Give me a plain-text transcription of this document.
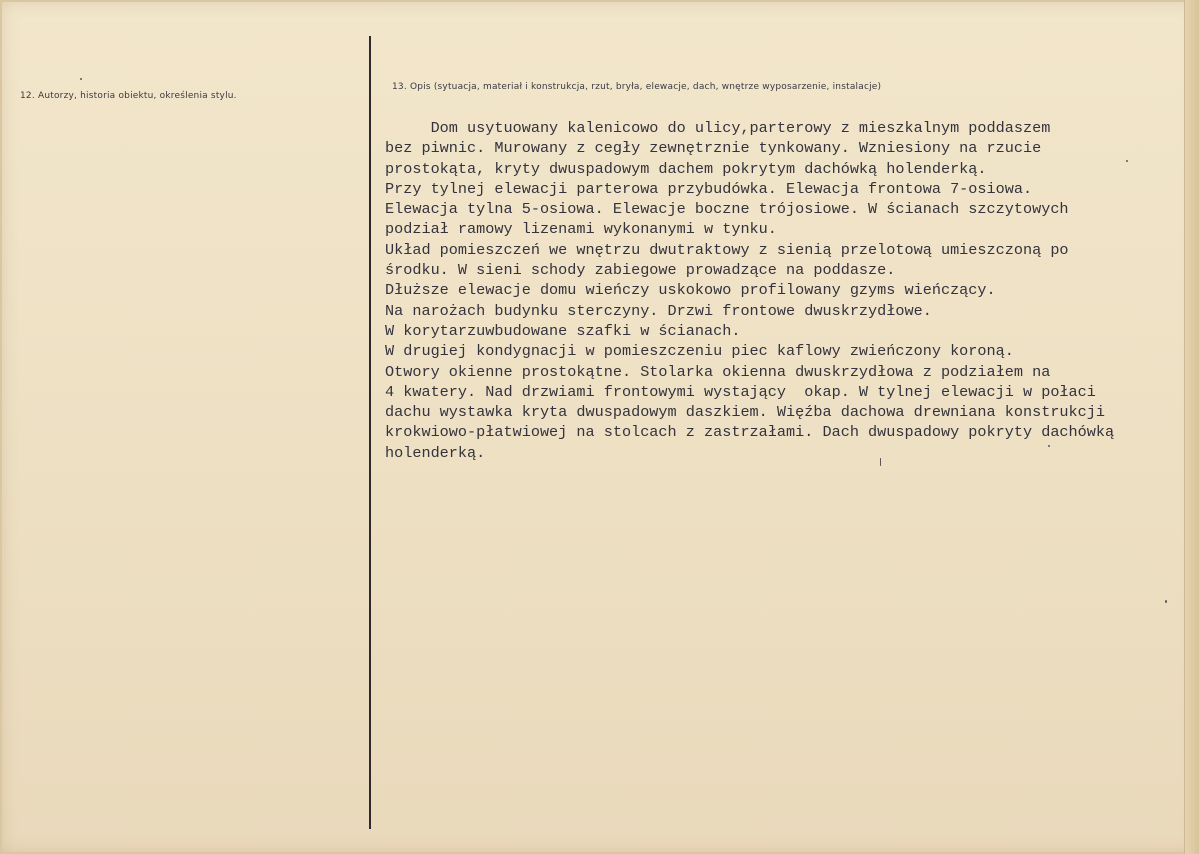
12. Autorzy, historia obiektu, określenia stylu.
13. Opis (sytuacja, materiał i konstrukcja, rzut, bryła, elewacje, dach, wnętrze wyposarzenie, instalacje)
Dom usytuowany kalenicowo do ulicy,parterowy z mieszkalnym poddaszem
bez piwnic. Murowany z cegły zewnętrznie tynkowany. Wzniesiony na rzucie
prostokąta, kryty dwuspadowym dachem pokrytym dachówką holenderką.
Przy tylnej elewacji parterowa przybudówka. Elewacja frontowa 7-osiowa.
Elewacja tylna 5-osiowa. Elewacje boczne trójosiowe. W ścianach szczytowych
podział ramowy lizenami wykonanymi w tynku.
Układ pomieszczeń we wnętrzu dwutraktowy z sienią przelotową umieszczoną po
środku. W sieni schody zabiegowe prowadzące na poddasze.
Dłuższe elewacje domu wieńczy uskokowo profilowany gzyms wieńczący.
Na narożach budynku sterczyny. Drzwi frontowe dwuskrzydłowe.
W korytarzuwbudowane szafki w ścianach.
W drugiej kondygnacji w pomieszczeniu piec kaflowy zwieńczony koroną.
Otwory okienne prostokątne. Stolarka okienna dwuskrzydłowa z podziałem na
4 kwatery. Nad drzwiami frontowymi wystający  okap. W tylnej elewacji w połaci
dachu wystawka kryta dwuspadowym daszkiem. Więźba dachowa drewniana konstrukcji
krokwiowo-płatwiowej na stolcach z zastrzałami. Dach dwuspadowy pokryty dachówką
holenderką.
